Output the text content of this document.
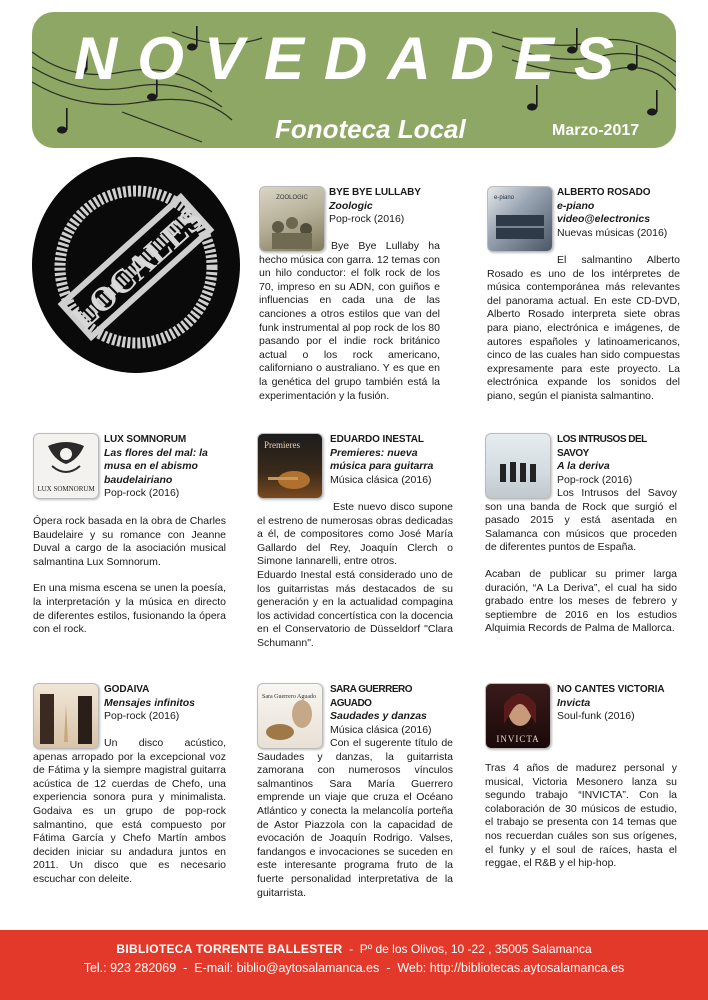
NOVEDADES
Fonoteca Local	Marzo-2017
LOCALES
ZOOLOGIC BYE BYE LULLABY
Zoologic
Pop-rock (2016)

Bye Bye Lullaby ha hecho música con garra. 12 temas con un hilo conductor: el folk rock de los 70, impreso en su ADN, con guiños e influencias en cada una de las canciones a otros estilos que van del funk instrumental al pop rock de los 80 pasando por el indie rock británico actual o los rock americano, californiano o australiano. Y es que en la genética del grupo también está la experimentación y la fusión.

e-piano	ALBERTO ROSADO
e-piano video@electronics
Nuevas músicas (2016)

El salmantino Alberto Rosado es uno de los intérpretes de música contemporánea más relevantes del panorama actual. En este CD-DVD, Alberto Rosado interpreta siete obras para piano, electrónica e imágenes, de autores españoles y latinoamericanos, cinco de las cuales han sido compuestas expresamente para este proyecto. La electrónica expande los sonidos del piano, según el pianista salmantino.

LUX SOMNORUM
LUX SOMNORUM
Las flores del mal: la musa en el abismo baudelairiano
Pop-rock (2016)

Ópera rock basada en la obra de Charles Baudelaire y su romance con Jeanne Duval a cargo de la asociación musical salmantina Lux Somnorum.

En una misma escena se unen la poesía, la interpretación y la música en directo de diferentes estilos, fusionando la ópera con el rock.

Premieres	EDUARDO INESTAL
Premieres: nueva música para guitarra
Música clásica (2016)

Este nuevo disco supone el estreno de numerosas obras dedicadas a él, de compositores como José María Gallardo del Rey, Joaquín Clerch o Simone Iannarelli, entre otros.

Eduardo Inestal está considerado uno de los guitarristas más destacados de su generación y en la actualidad compagina los actividad concertística con la docencia en el Conservatorio de Düsseldorf "Clara Schumann".

LOS INTRUSOS DEL SAVOY
A la deriva
Pop-rock (2016)

Los Intrusos del Savoy son una banda de Rock que surgió el pasado 2015 y está asentada en Salamanca con músicos que proceden de diferentes puntos de España.

Acaban de publicar su primer larga duración, “A La Deriva”, el cual ha sido grabado entre los meses de febrero y septiembre de 2016 en los estudios Alquimia Records de Palma de Mallorca.

GODAIVA
Mensajes infinitos
Pop-rock (2016)

Un disco acústico, apenas arropado por la excepcional voz de Fátima y la siempre magistral guitarra acústica de 12 cuerdas de Chefo, una experiencia sonora pura y minimalista. Godaiva es un grupo de pop-rock salmantino, que está compuesto por Fátima García y Chefo Martín ambos deciden iniciar su andadura juntos en 2011. Un disco que es necesario escuchar con deleite.

Sara Guerrero Aguado
SARA GUERRERO AGUADO
Saudades y danzas
Música clásica (2016)

Con el sugerente título de Saudades y danzas, la guitarrista zamorana con numerosos vínculos salmantinos Sara María Guerrero emprende un viaje que cruza el Océano Atlántico y conecta la melancolía porteña de Astor Piazzola con la capacidad de evocación de Joaquín Rodrigo. Valses, fandangos e invocaciones se suceden en este interesante programa fruto de la fuerte personalidad interpretativa de la guitarrista.

INVICTA
NO CANTES VICTORIA
Invicta
Soul-funk (2016)

Tras 4 años de madurez personal y musical, Victoria Mesonero lanza su segundo trabajo “INVICTA”. Con la colaboración de 30 músicos de estudio, el trabajo se presenta con 14 temas que nos recuerdan cuáles son sus orígenes, el funky y el soul de raíces, hasta el reggae, el R&B y el hip-hop.

BIBLIOTECA TORRENTE BALLESTER - Pº de los Olivos, 10 -22 , 35005 Salamanca
Tel.: 923 282069 - E-mail: biblio@aytosalamanca.es - Web: http://bibliotecas.aytosalamanca.es
